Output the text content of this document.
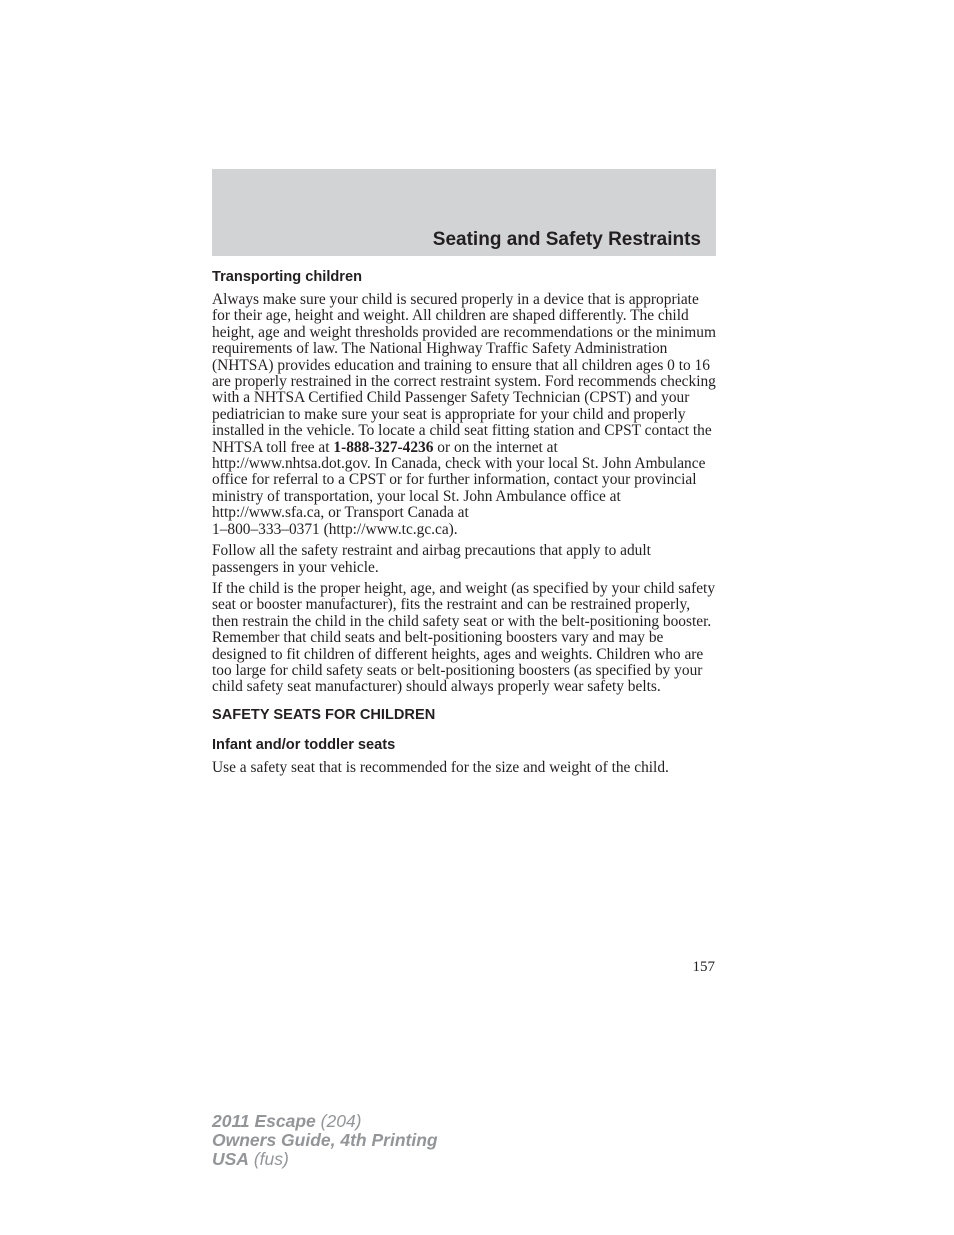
Seating and Safety Restraints
Transporting children

Always make sure your child is secured properly in a device that is appropriate for their age, height and weight. All children are shaped differently. The child height, age and weight thresholds provided are recommendations or the minimum requirements of law. The National Highway Traffic Safety Administration (NHTSA) provides education and training to ensure that all children ages 0 to 16 are properly restrained in the correct restraint system. Ford recommends checking with a NHTSA Certified Child Passenger Safety Technician (CPST) and your pediatrician to make sure your seat is appropriate for your child and properly installed in the vehicle. To locate a child seat fitting station and CPST contact the NHTSA toll free at 1-888-327-4236 or on the internet at http://www.nhtsa.dot.gov. In Canada, check with your local St. John Ambulance office for referral to a CPST or for further information, contact your provincial ministry of transportation, your local St. John Ambulance office at http://www.sfa.ca, or Transport Canada at
1–800–333–0371 (http://www.tc.gc.ca).

Follow all the safety restraint and airbag precautions that apply to adult passengers in your vehicle.

If the child is the proper height, age, and weight (as specified by your child safety seat or booster manufacturer), fits the restraint and can be restrained properly, then restrain the child in the child safety seat or with the belt-positioning booster. Remember that child seats and belt-positioning boosters vary and may be designed to fit children of different heights, ages and weights. Children who are too large for child safety seats or belt-positioning boosters (as specified by your child safety seat manufacturer) should always properly wear safety belts.

SAFETY SEATS FOR CHILDREN
Infant and/or toddler seats

Use a safety seat that is recommended for the size and weight of the child.

157
2011 Escape (204)
Owners Guide, 4th Printing
USA (fus)
